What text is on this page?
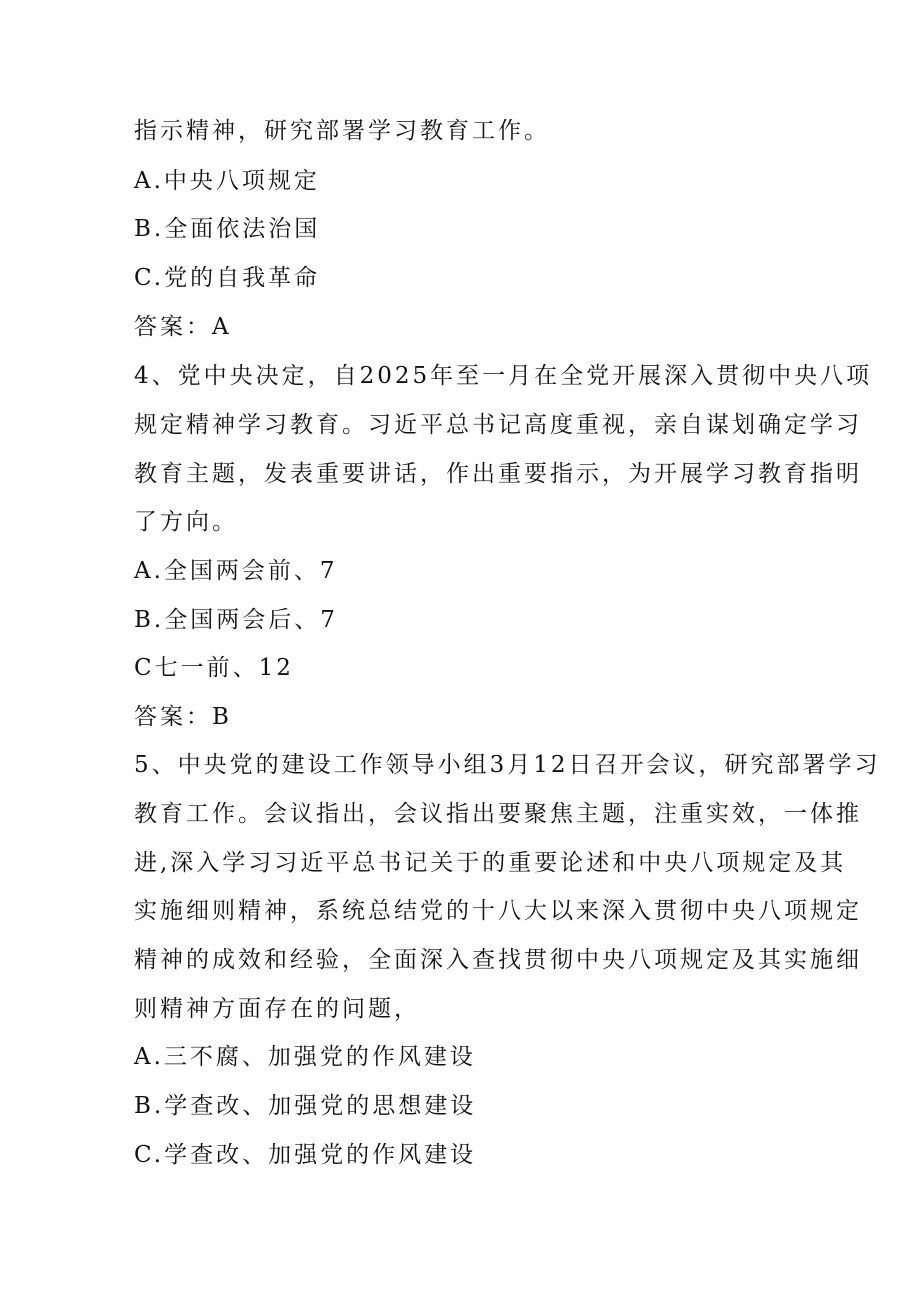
指示精神，研究部署学习教育工作。
A.中央八项规定
B.全面依法治国
C.党的自我革命
答案：A
4、党中央决定，自2025年至一月在全党开展深入贯彻中央八项
规定精神学习教育。习近平总书记高度重视，亲自谋划确定学习
教育主题，发表重要讲话，作出重要指示，为开展学习教育指明
了方向。
A.全国两会前、7
B.全国两会后、7
C七一前、12
答案：B
5、中央党的建设工作领导小组3月12日召开会议，研究部署学习
教育工作。会议指出，会议指出要聚焦主题，注重实效，一体推
进,深入学习习近平总书记关于的重要论述和中央八项规定及其
实施细则精神，系统总结党的十八大以来深入贯彻中央八项规定
精神的成效和经验，全面深入查找贯彻中央八项规定及其实施细
则精神方面存在的问题，
A.三不腐、加强党的作风建设
B.学查改、加强党的思想建设
C.学查改、加强党的作风建设
